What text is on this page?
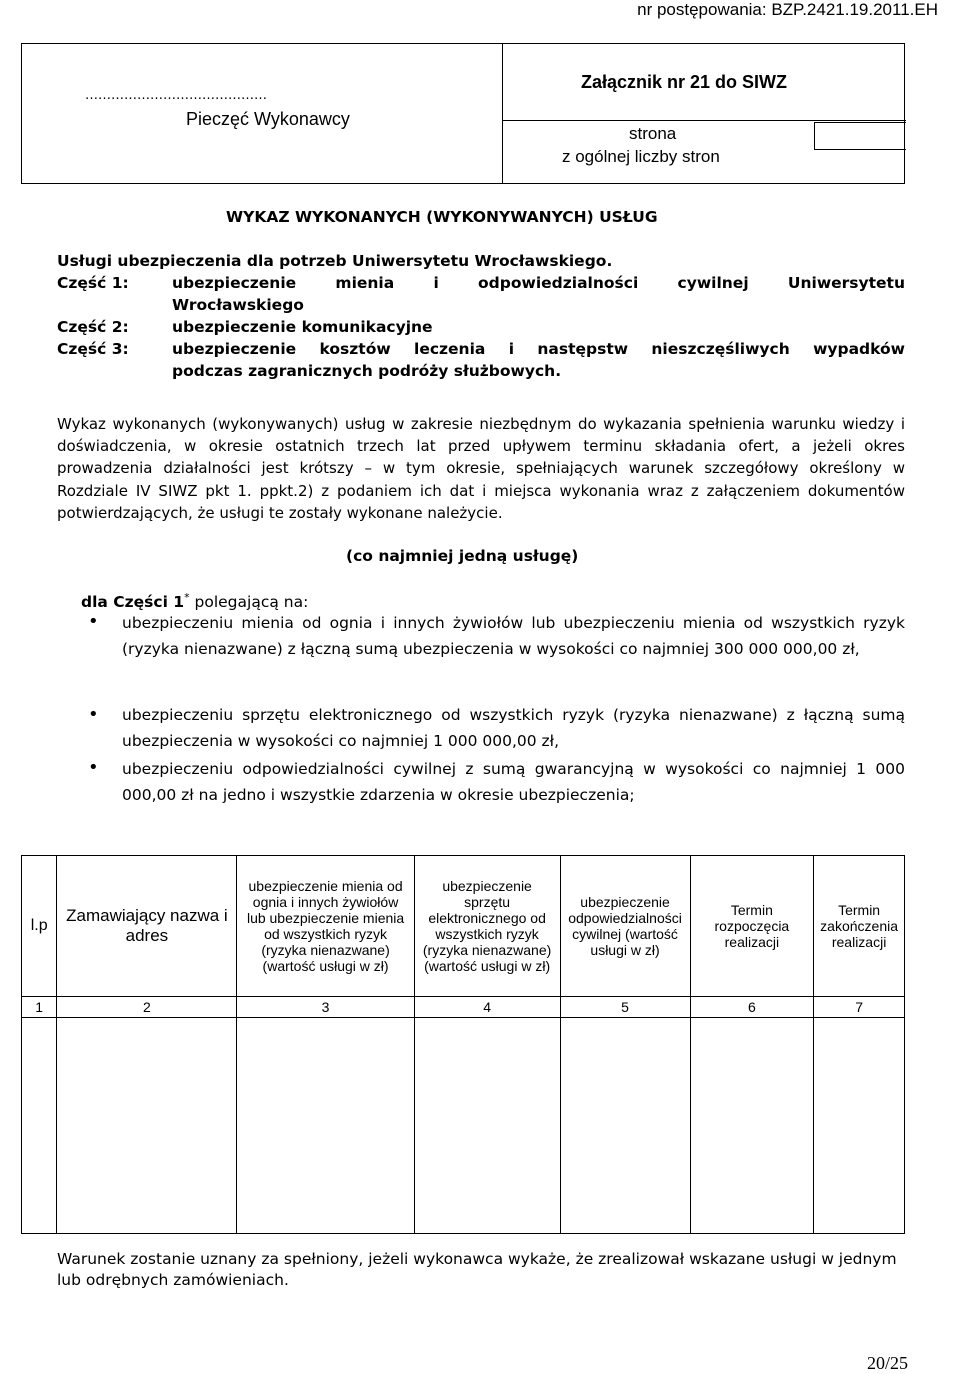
nr postępowania: BZP.2421.19.2011.EH
……………………………………
Pieczęć Wykonawcy
Załącznik nr 21 do SIWZ
strona
z ogólnej liczby stron
WYKAZ WYKONANYCH (WYKONYWANYCH) USŁUG
Usługi ubezpieczenia dla potrzeb Uniwersytetu Wrocławskiego.
Część 1:	ubezpieczenie mienia i odpowiedzialności cywilnej Uniwersytetu
Wrocławskiego
Część 2:	ubezpieczenie komunikacyjne
Część 3:	ubezpieczenie kosztów leczenia i następstw nieszczęśliwych wypadków
podczas zagranicznych podróży służbowych.
Wykaz wykonanych (wykonywanych) usług w zakresie niezbędnym do wykazania spełnienia warunku wiedzy i doświadczenia, w okresie ostatnich trzech lat przed upływem terminu składania ofert, a jeżeli okres prowadzenia działalności jest krótszy – w tym okresie, spełniających warunek szczegółowy określony w Rozdziale IV SIWZ pkt 1. ppkt.2) z podaniem ich dat i miejsca wykonania wraz z załączeniem dokumentów potwierdzających, że usługi te zostały wykonane należycie.
(co najmniej jedną usługę)
dla Części 1* polegającą na:
• ubezpieczeniu mienia od ognia i innych żywiołów lub ubezpieczeniu mienia od wszystkich ryzyk (ryzyka nienazwane) z łączną sumą ubezpieczenia w wysokości co najmniej 300 000 000,00 zł,
• ubezpieczeniu sprzętu elektronicznego od wszystkich ryzyk (ryzyka nienazwane) z łączną sumą ubezpieczenia w wysokości co najmniej 1 000 000,00 zł,
• ubezpieczeniu odpowiedzialności cywilnej z sumą gwarancyjną w wysokości co najmniej 1 000 000,00 zł na jedno i wszystkie zdarzenia w okresie ubezpieczenia;
l.p	Zamawiający nazwa i adres	ubezpieczenie mienia od ognia i innych żywiołów lub ubezpieczenie mienia od wszystkich ryzyk (ryzyka nienazwane) (wartość usługi w zł)	ubezpieczenie sprzętu elektronicznego od wszystkich ryzyk (ryzyka nienazwane) (wartość usługi w zł)	ubezpieczenie odpowiedzialności cywilnej (wartość usługi w zł)	Termin rozpoczęcia realizacji	Termin zakończenia realizacji
1	2	3	4	5	6	7

Warunek zostanie uznany za spełniony, jeżeli wykonawca wykaże, że zrealizował wskazane usługi w jednym lub odrębnych zamówieniach.
20/25
